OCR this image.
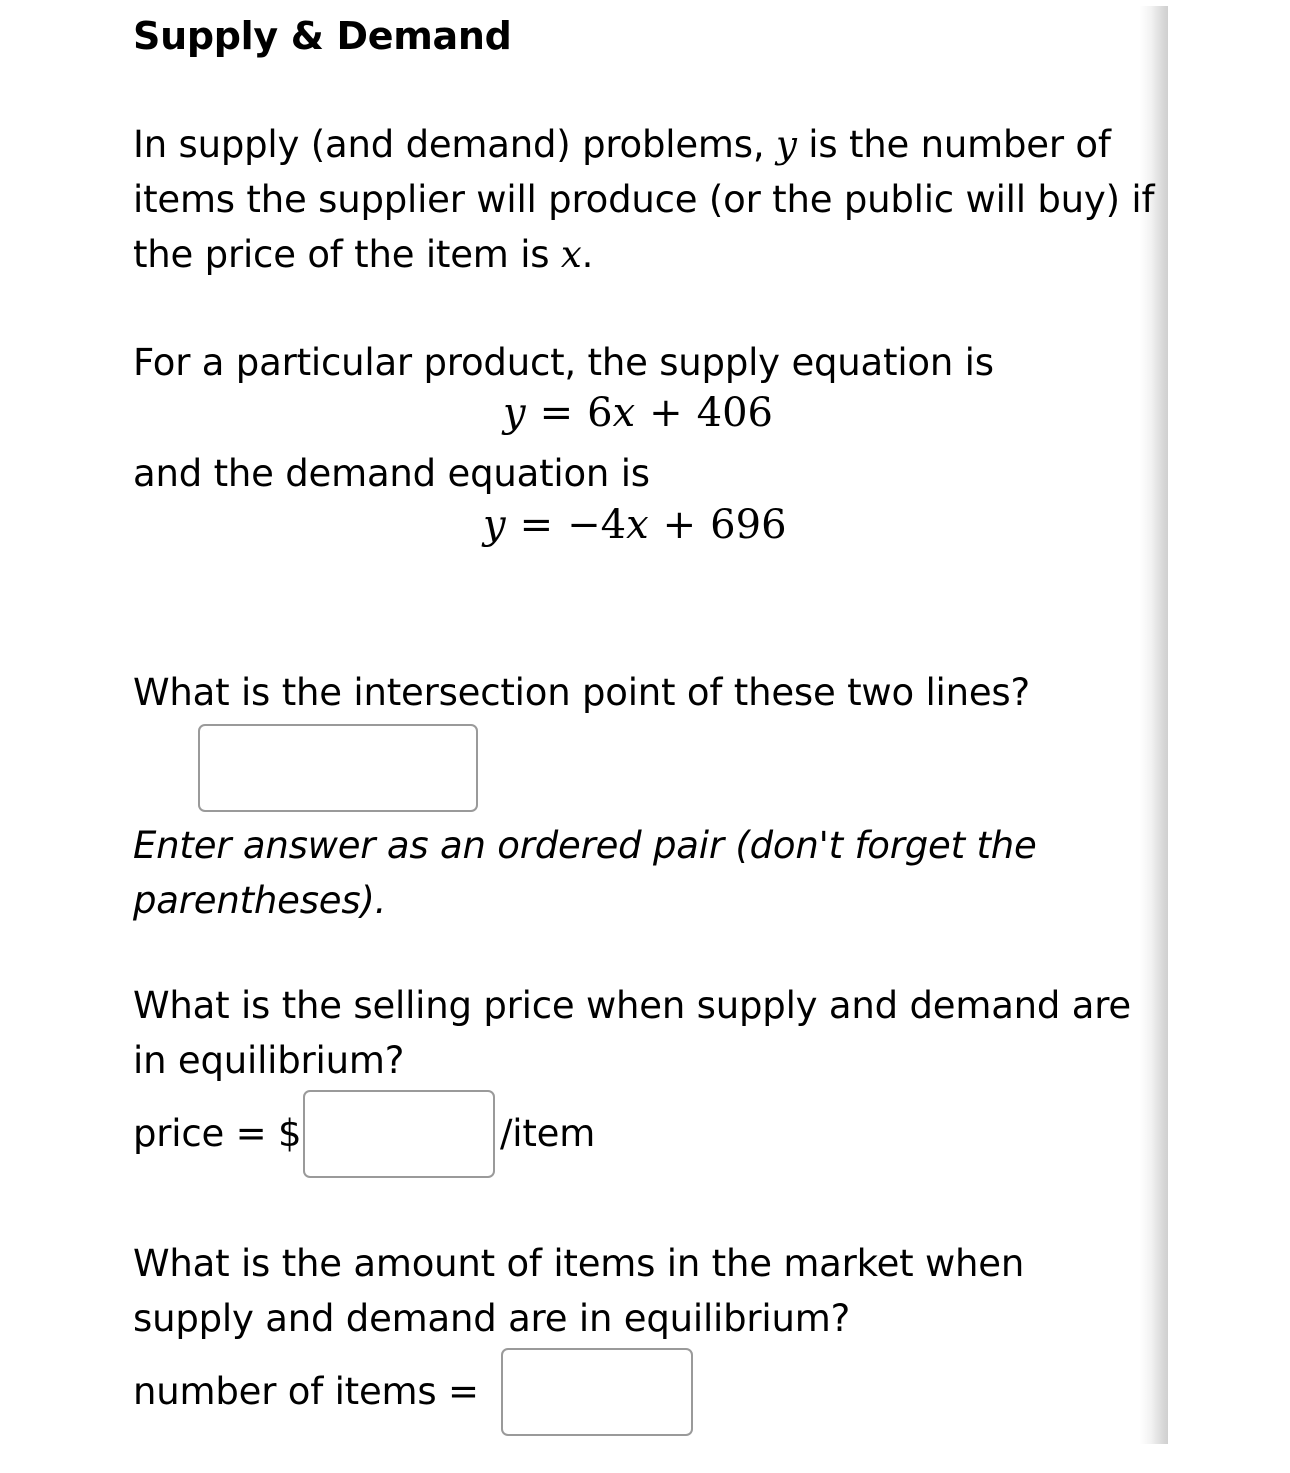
Supply & Demand
In supply (and demand) problems, y is the number of items the supplier will produce (or the public will buy) if the price of the item is x.
For a particular product, the supply equation is
y = 6x + 406
and the demand equation is
y = −4x + 696
What is the intersection point of these two lines?
Enter answer as an ordered pair (don't forget the parentheses).
What is the selling price when supply and demand are in equilibrium?
price = $	/item
What is the amount of items in the market when supply and demand are in equilibrium?
number of items =
